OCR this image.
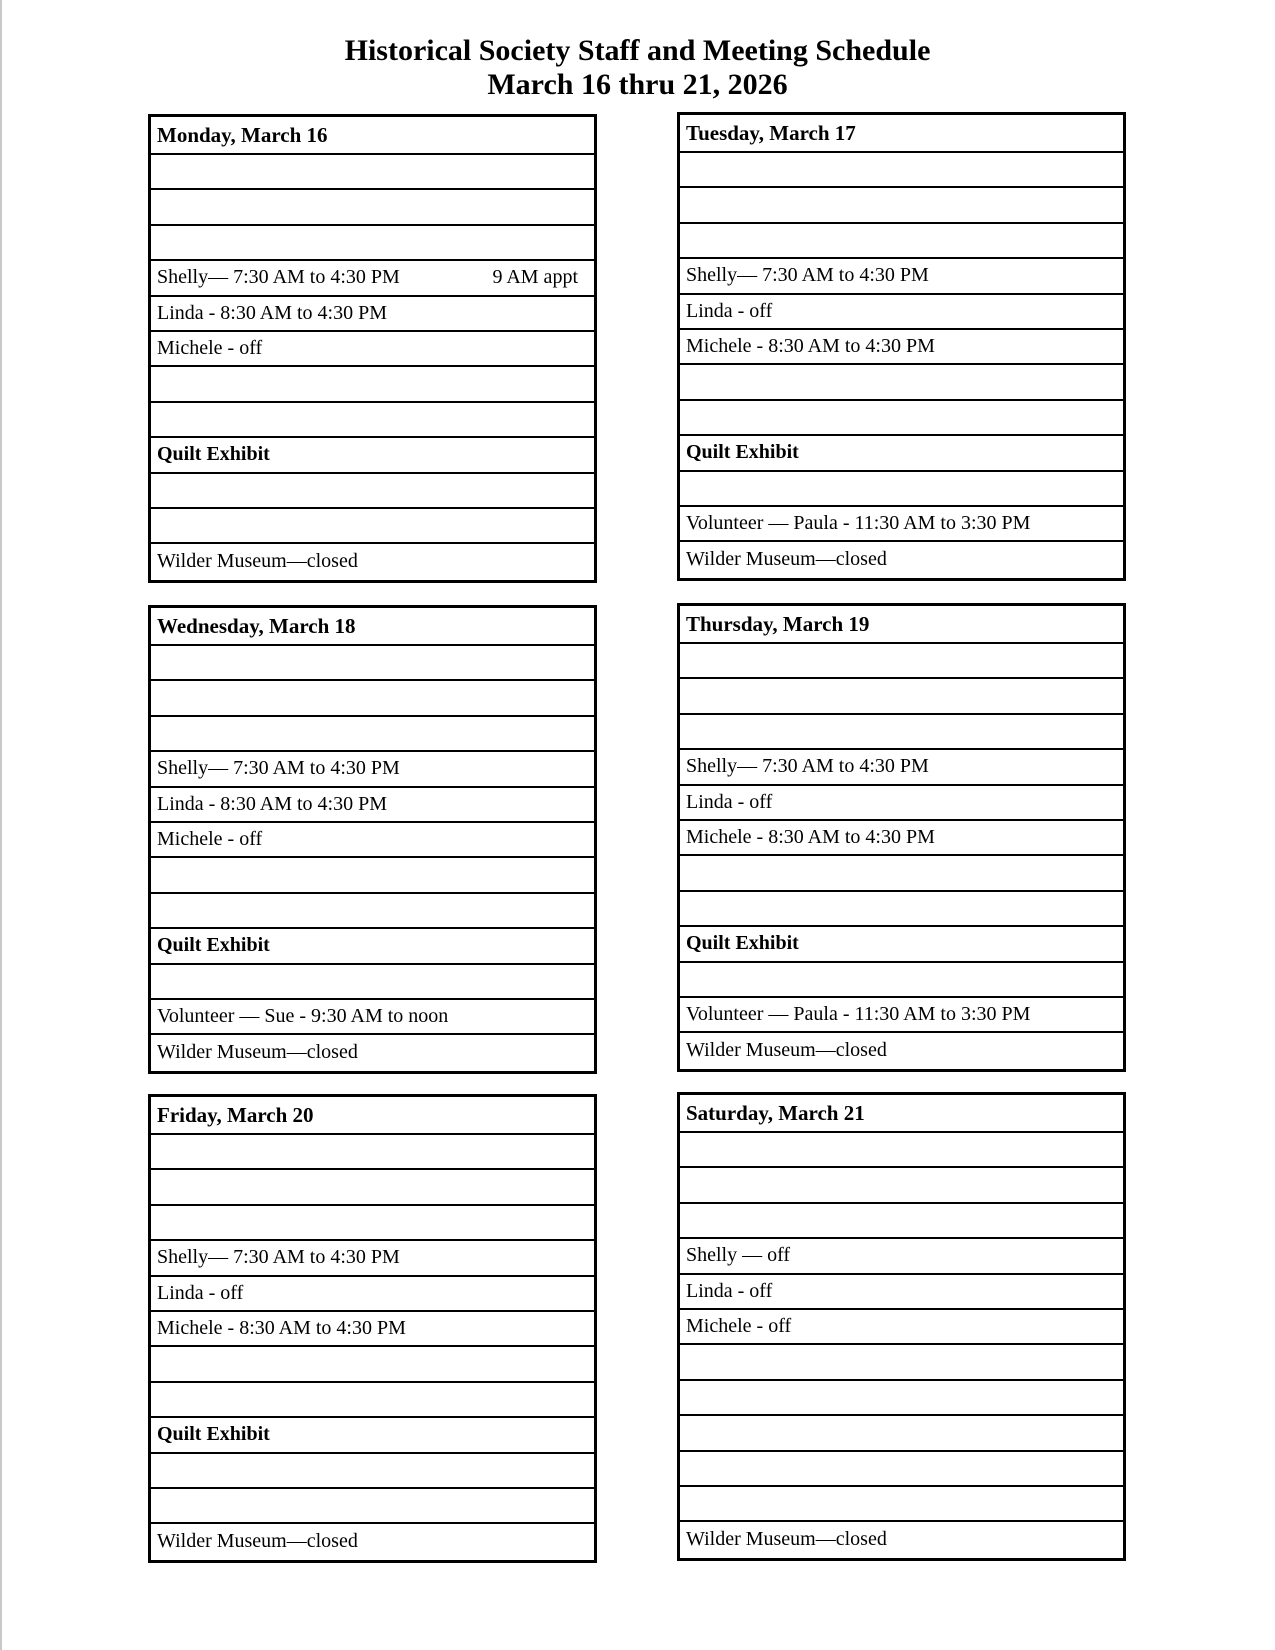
Historical Society Staff and Meeting Schedule
March 16 thru 21, 2026
Monday, March 16
Shelly— 7:30 AM to 4:30 PM	9 AM appt
Linda - 8:30 AM to 4:30 PM
Michele - off
Quilt Exhibit
Wilder Museum—closed
Tuesday, March 17
Shelly— 7:30 AM to 4:30 PM
Linda - off
Michele - 8:30 AM to 4:30 PM
Quilt Exhibit
Volunteer — Paula - 11:30 AM to 3:30 PM
Wilder Museum—closed
Wednesday, March 18
Shelly— 7:30 AM to 4:30 PM
Linda - 8:30 AM to 4:30 PM
Michele - off
Quilt Exhibit
Volunteer — Sue - 9:30 AM to noon
Wilder Museum—closed
Thursday, March 19
Shelly— 7:30 AM to 4:30 PM
Linda - off
Michele - 8:30 AM to 4:30 PM
Quilt Exhibit
Volunteer — Paula - 11:30 AM to 3:30 PM
Wilder Museum—closed
Friday, March 20
Shelly— 7:30 AM to 4:30 PM
Linda - off
Michele - 8:30 AM to 4:30 PM
Quilt Exhibit
Wilder Museum—closed
Saturday, March 21
Shelly — off
Linda - off
Michele - off
Wilder Museum—closed
